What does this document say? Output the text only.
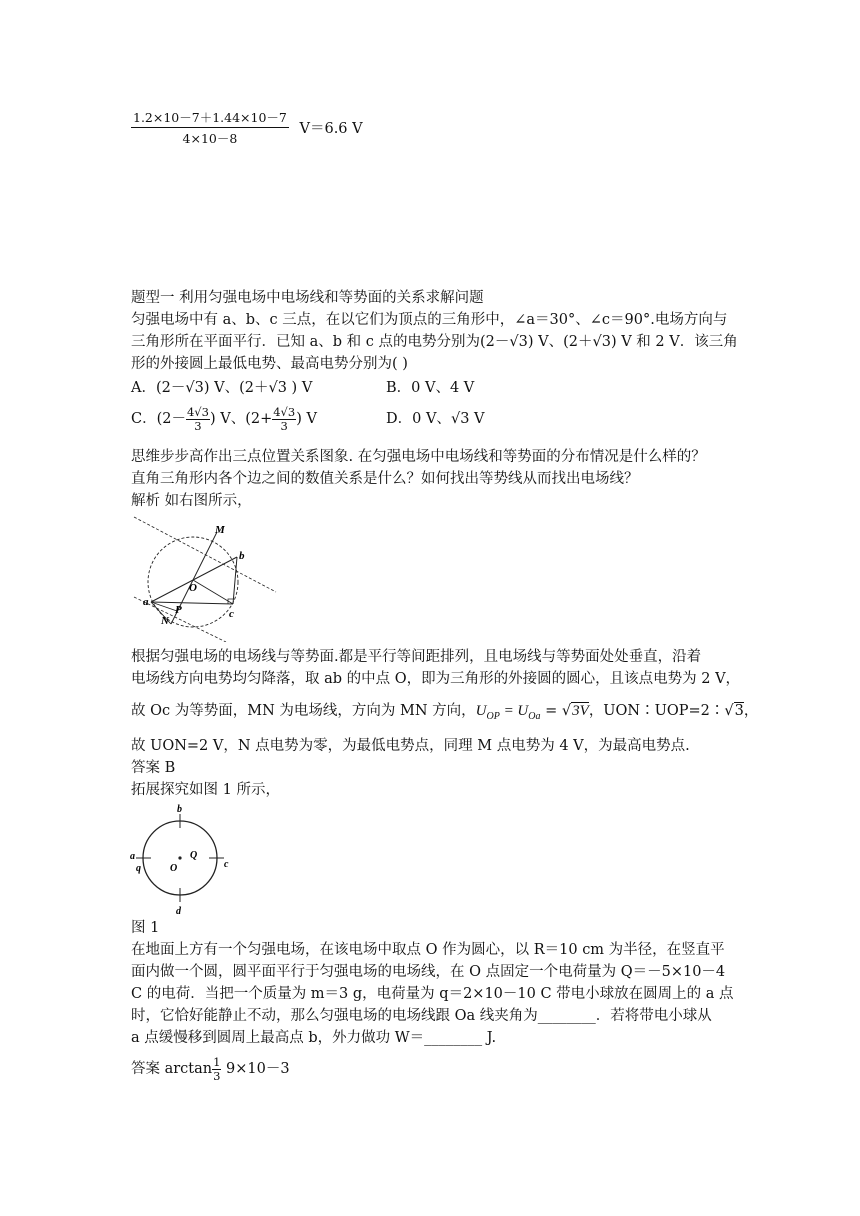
$\frac{1.2\times 10-7+1.44\times 10-7}{4\times 10-8} V=6.6$ V
题型一 利用匀强电场中电场线和等势面的关系求解问题
匀强电场中有 a、b、c 三点，在以它们为顶点的三角形中，∠a＝30°、∠c＝90°.电场方向与
三角形所在平面平行．已知 a、b 和 c 点的电势分别为(2－√3) V、(2＋√3) V 和 2 V．该三角
形的外接圆上最低电势、最高电势分别为( )
A．(2－√3) V、(2＋√3 ) V	B．0 V、4 V
C．($2- \frac{4√3}{3}$ ) V、($2+ \frac{4√3}{3}$ ) V	D．0 V、√3 V
思维步步高作出三点位置关系图象. 在匀强电场中电场线和等势面的分布情况是什么样的？
直角三角形内各个边之间的数值关系是什么？如何找出等势线从而找出电场线？
解析 如右图所示，
M
b
O
a
P
N
c
根据匀强电场的电场线与等势面.都是平行等间距排列，且电场线与等势面处处垂直，沿着
电场线方向电势均匀降落，取 ab 的中点 O，即为三角形的外接圆的圆心，且该点电势为 2 V，
故 Oc 为等势面，MN 为电场线，方向为 MN 方向，$U_{OP} = U_{Oa} = √3V$，UON∶UOP=2∶√3，
故 UON=2 V，N 点电势为零，为最低电势点，同理 M 点电势为 4 V，为最高电势点.
答案 B
拓展探究如图 1 所示，
b
a
q	O
Q
c
d
图 1
在地面上方有一个匀强电场，在该电场中取点 O 作为圆心，以 R＝10 cm 为半径，在竖直平
面内做一个圆，圆平面平行于匀强电场的电场线，在 O 点固定一个电荷量为 Q＝－5×10－4
C 的电荷．当把一个质量为 m＝3 g，电荷量为 q＝2×10－10 C 带电小球放在圆周上的 a 点
时，它恰好能静止不动，那么匀强电场的电场线跟 Oa 线夹角为________．若将带电小球从
a 点缓慢移到圆周上最高点 b，外力做功 W＝________ J.
答案 $\arctan \frac{1}{3} 9\times 10-3$
